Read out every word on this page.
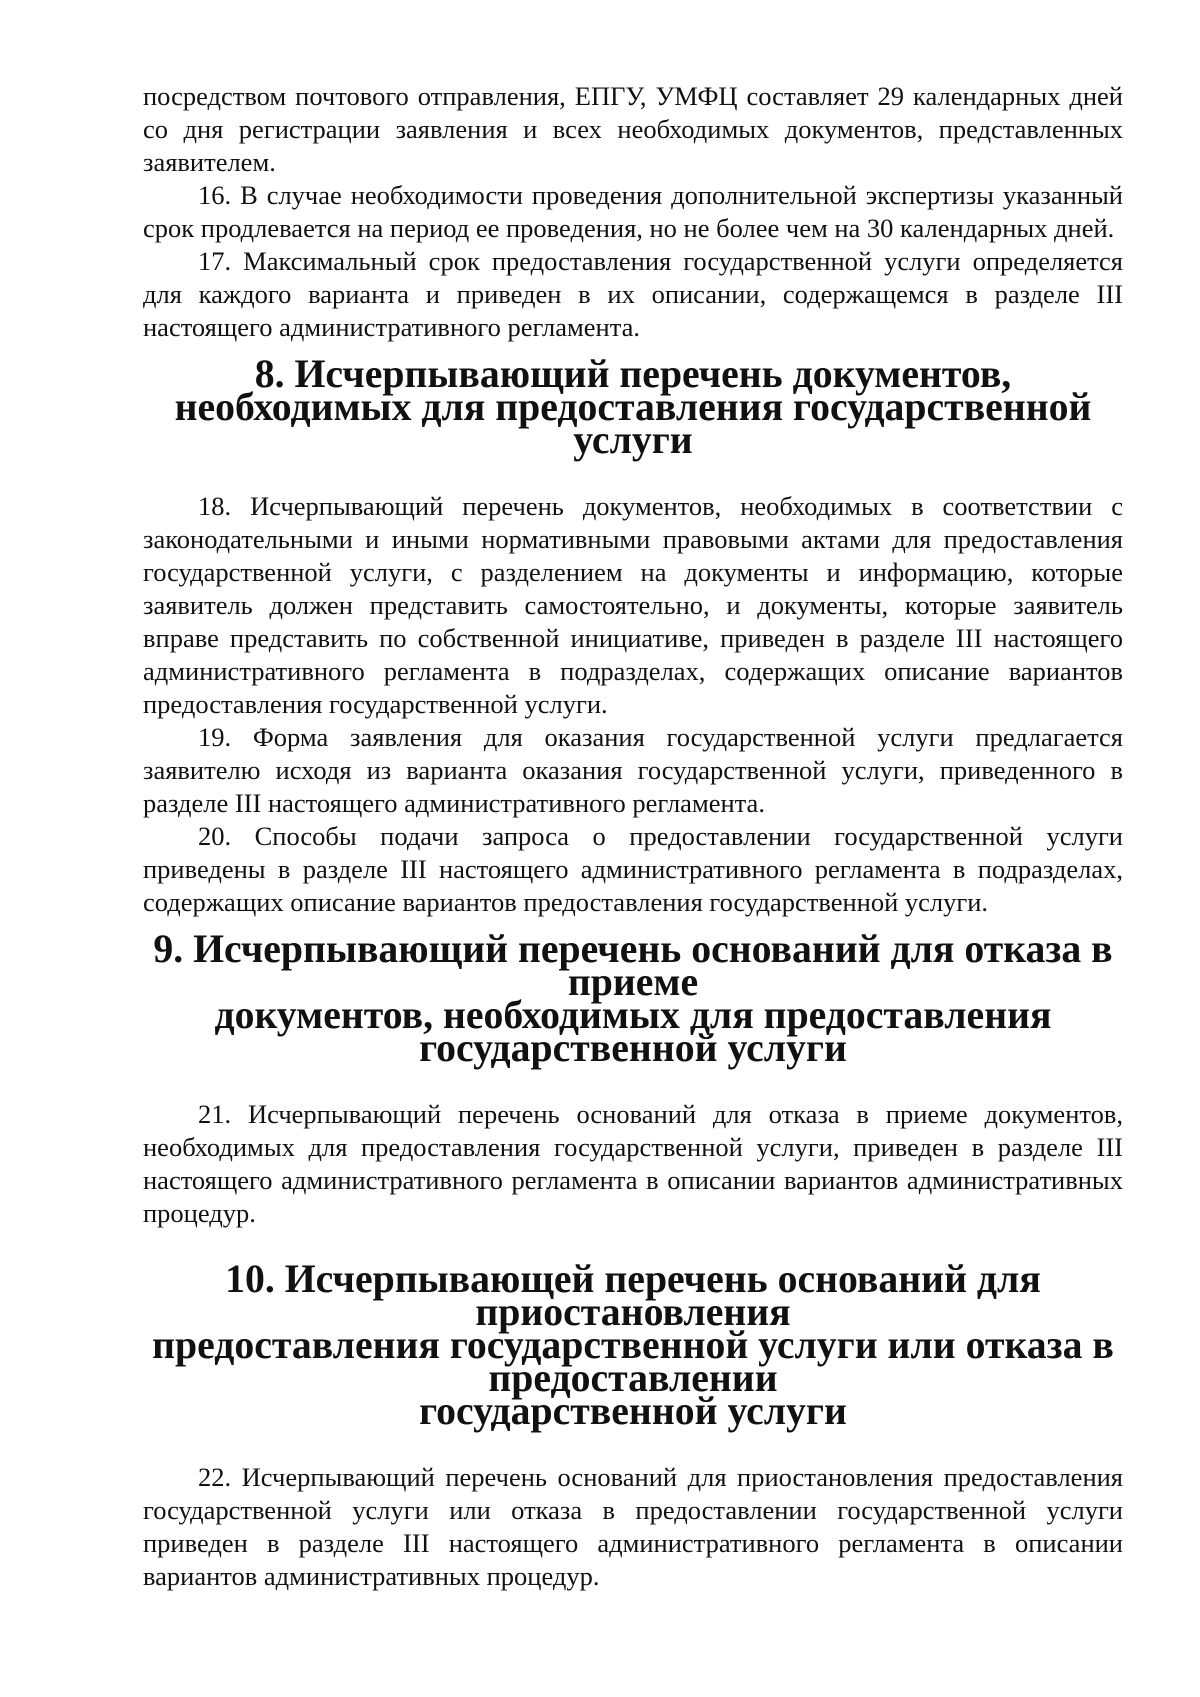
посредством почтового отправления, ЕПГУ, УМФЦ составляет 29 календарных дней со дня регистрации заявления и всех необходимых документов, представленных заявителем.

16. В случае необходимости проведения дополнительной экспертизы указанный срок продлевается на период ее проведения, но не более чем на 30 календарных дней.

17. Максимальный срок предоставления государственной услуги определяется для каждого варианта и приведен в их описании, содержащемся в разделе III настоящего административного регламента.

8. Исчерпывающий перечень документов,
необходимых для предоставления государственной услуги

18. Исчерпывающий перечень документов, необходимых в соответствии с законодательными и иными нормативными правовыми актами для предоставления государственной услуги, с разделением на документы и информацию, которые заявитель должен представить самостоятельно, и документы, которые заявитель вправе представить по собственной инициативе, приведен в разделе III настоящего административного регламента в подразделах, содержащих описание вариантов предоставления государственной услуги.

19. Форма заявления для оказания государственной услуги предлагается заявителю исходя из варианта оказания государственной услуги, приведенного в разделе III настоящего административного регламента.

20. Способы подачи запроса о предоставлении государственной услуги приведены в разделе III настоящего административного регламента в подразделах, содержащих описание вариантов предоставления государственной услуги.

9. Исчерпывающий перечень оснований для отказа в приеме
документов, необходимых для предоставления государственной услуги

21. Исчерпывающий перечень оснований для отказа в приеме документов, необходимых для предоставления государственной услуги, приведен в разделе III настоящего административного регламента в описании вариантов административных процедур.

10. Исчерпывающей перечень оснований для приостановления
предоставления государственной услуги или отказа в предоставлении
государственной услуги

22. Исчерпывающий перечень оснований для приостановления предоставления государственной услуги или отказа в предоставлении государственной услуги приведен в разделе III настоящего административного регламента в описании вариантов административных процедур.
